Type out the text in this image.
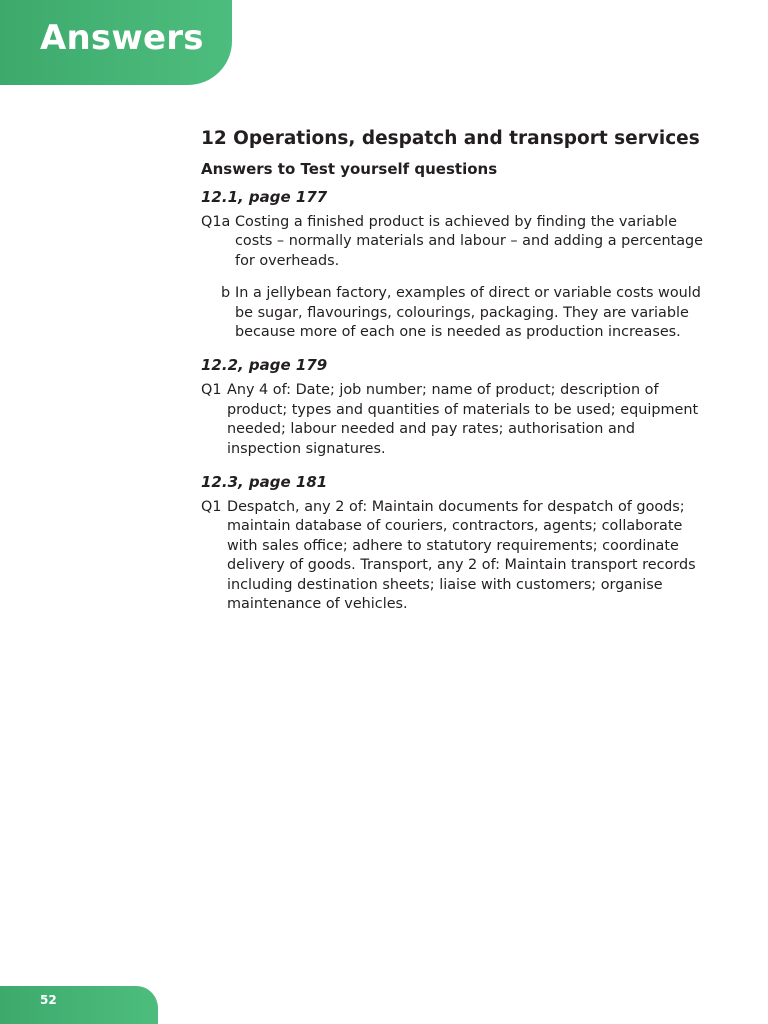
Answers
12 Operations, despatch and transport services
Answers to Test yourself questions
12.1, page 177
Q1a Costing a finished product is achieved by finding the variable costs – normally materials and labour – and adding a percentage for overheads.
b In a jellybean factory, examples of direct or variable costs would be sugar, flavourings, colourings, packaging. They are variable because more of each one is needed as production increases.
12.2, page 179
Q1 Any 4 of: Date; job number; name of product; description of product; types and quantities of materials to be used; equipment needed; labour needed and pay rates; authorisation and inspection signatures.
12.3, page 181
Q1 Despatch, any 2 of: Maintain documents for despatch of goods; maintain database of couriers, contractors, agents; collaborate with sales office; adhere to statutory requirements; coordinate delivery of goods. Transport, any 2 of: Maintain transport records including destination sheets; liaise with customers; organise maintenance of vehicles.
52
